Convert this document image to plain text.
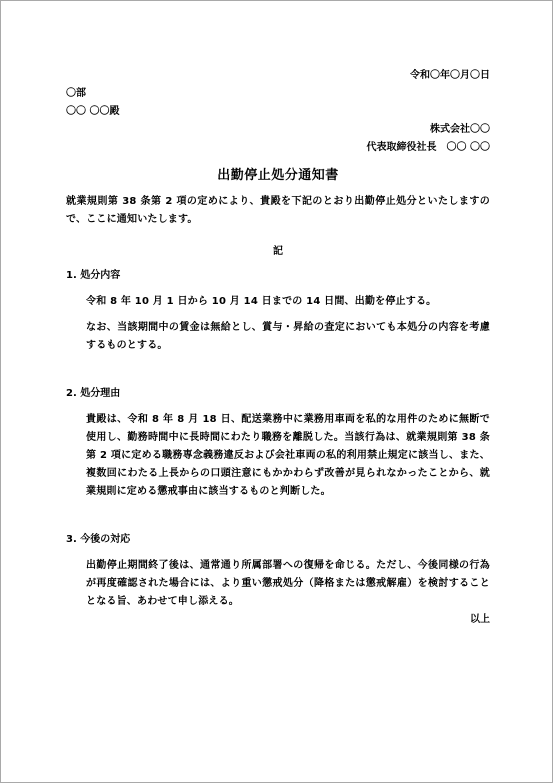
令和〇年〇月〇日
〇部
〇〇 〇〇殿
株式会社〇〇
代表取締役社長　〇〇 〇〇
出勤停止処分通知書
就業規則第 38 条第 2 項の定めにより、貴殿を下記のとおり出勤停止処分といたしますので、ここに通知いたします。
記
1. 処分内容
令和 8 年 10 月 1 日から 10 月 14 日までの 14 日間、出勤を停止する。
なお、当該期間中の賃金は無給とし、賞与・昇給の査定においても本処分の内容を考慮するものとする。
2. 処分理由
貴殿は、令和 8 年 8 月 18 日、配送業務中に業務用車両を私的な用件のために無断で使用し、勤務時間中に長時間にわたり職務を離脱した。当該行為は、就業規則第 38 条第 2 項に定める職務専念義務違反および会社車両の私的利用禁止規定に該当し、また、複数回にわたる上長からの口頭注意にもかかわらず改善が見られなかったことから、就業規則に定める懲戒事由に該当するものと判断した。
3. 今後の対応
出勤停止期間終了後は、通常通り所属部署への復帰を命じる。ただし、今後同様の行為が再度確認された場合には、より重い懲戒処分（降格または懲戒解雇）を検討することとなる旨、あわせて申し添える。
以上
